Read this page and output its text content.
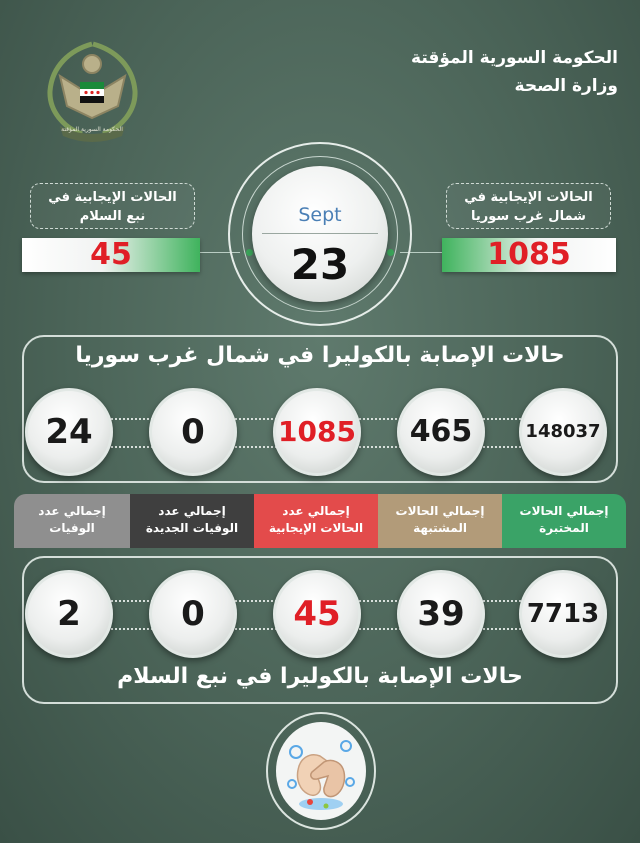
الحكومة السورية المؤقتة
الحكومة السورية المؤقتة
وزارة الصحة
Sept
23
الحالات الإيجابية في
نبع السلام
45
الحالات الإيجابية في
شمال غرب سوريا
1085
حالات الإصابة بالكوليرا في شمال غرب سوريا
148037
465
1085
0
24
إجمالي الحالات
المختبرة
إجمالي الحالات
المشتبهة
إجمالي عدد
الحالات الإيجابية
إجمالي عدد
الوفيات الجديدة
إجمالي عدد
الوفيات
حالات الإصابة بالكوليرا في نبع السلام
7713
39
45
0
2
